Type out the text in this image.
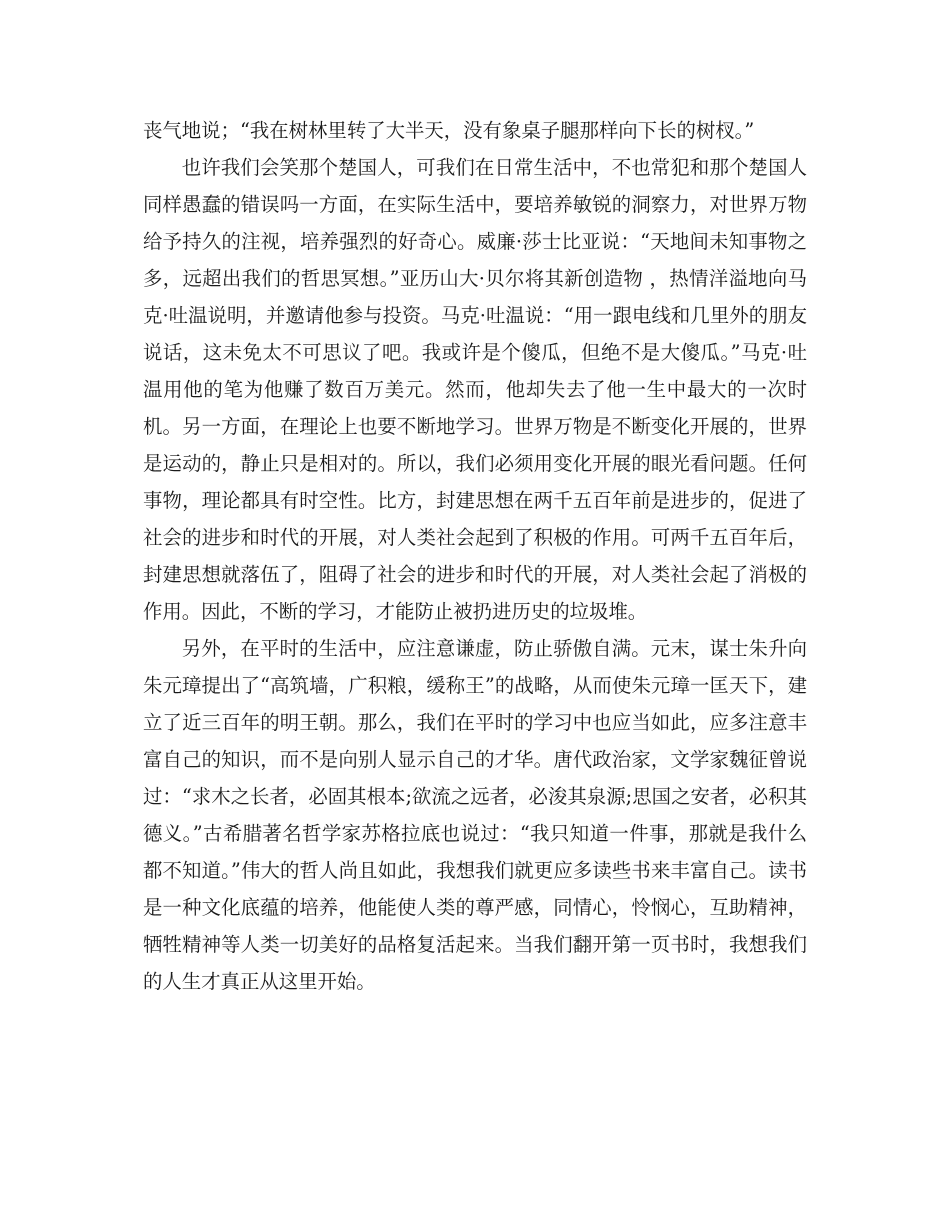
丧气地说；“我在树林里转了大半天，没有象桌子腿那样向下长的树杈。”

也许我们会笑那个楚国人，可我们在日常生活中，不也常犯和那个楚国人同样愚蠢的错误吗一方面，在实际生活中，要培养敏锐的洞察力，对世界万物给予持久的注视，培养强烈的好奇心。威廉·莎士比亚说：“天地间未知事物之多，远超出我们的哲思冥想。”亚历山大·贝尔将其新创造物 ，热情洋溢地向马克·吐温说明，并邀请他参与投资。马克·吐温说：“用一跟电线和几里外的朋友说话，这未免太不可思议了吧。我或许是个傻瓜，但绝不是大傻瓜。”马克·吐温用他的笔为他赚了数百万美元。然而，他却失去了他一生中最大的一次时机。另一方面，在理论上也要不断地学习。世界万物是不断变化开展的，世界是运动的，静止只是相对的。所以，我们必须用变化开展的眼光看问题。任何事物，理论都具有时空性。比方，封建思想在两千五百年前是进步的，促进了社会的进步和时代的开展，对人类社会起到了积极的作用。可两千五百年后，封建思想就落伍了，阻碍了社会的进步和时代的开展，对人类社会起了消极的作用。因此，不断的学习，才能防止被扔进历史的垃圾堆。

另外，在平时的生活中，应注意谦虚，防止骄傲自满。元末，谋士朱升向朱元璋提出了“高筑墙，广积粮，缓称王”的战略，从而使朱元璋一匡天下，建立了近三百年的明王朝。那么，我们在平时的学习中也应当如此，应多注意丰富自己的知识，而不是向别人显示自己的才华。唐代政治家，文学家魏征曾说过：“求木之长者，必固其根本;欲流之远者，必浚其泉源;思国之安者，必积其德义。”古希腊著名哲学家苏格拉底也说过：“我只知道一件事，那就是我什么都不知道。”伟大的哲人尚且如此，我想我们就更应多读些书来丰富自己。读书是一种文化底蕴的培养，他能使人类的尊严感，同情心，怜悯心，互助精神，牺牲精神等人类一切美好的品格复活起来。当我们翻开第一页书时，我想我们的人生才真正从这里开始。
